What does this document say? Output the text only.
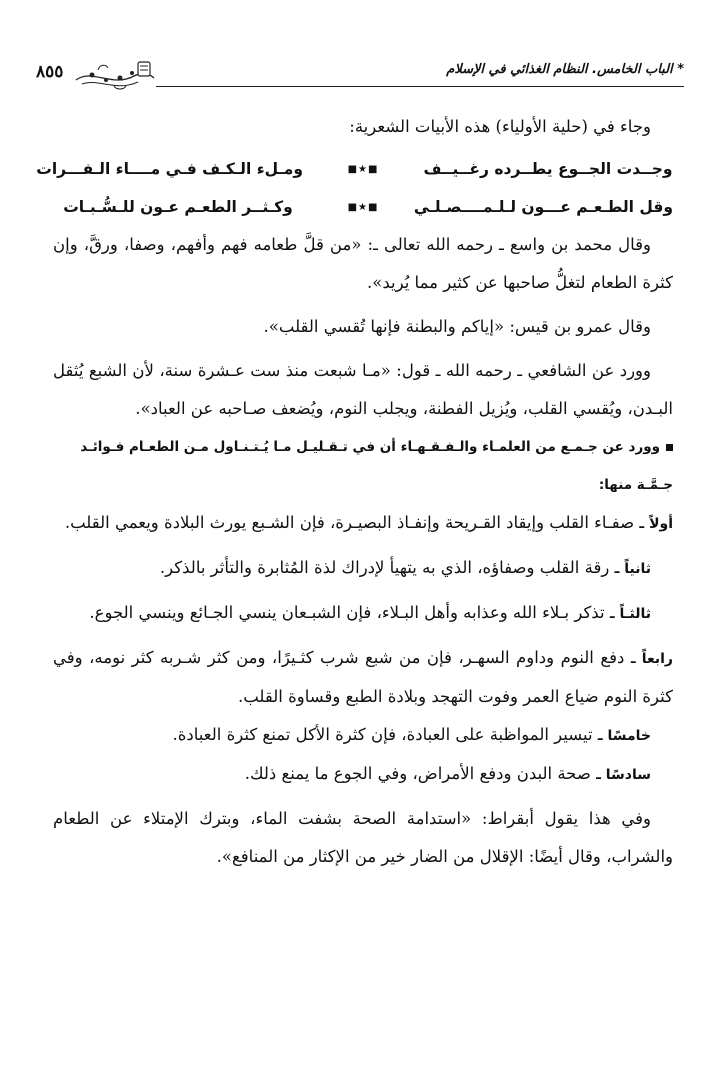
* الباب الخامس. النظام الغذائي في الإسلام
٨٥٥

وجاء في (حلية الأولياء) هذه الأبيات الشعرية:

وجــدت الجــوع يطــرده رغــيــف
■★■
ومـلء الـكـف فـي مــــاء الـفـــرات
وقل الطـعـم عـــون لـلـمــــصـلـي
■★■
وكـثــر الطعـم عـون للـسُّـبـات

وقال محمد بن واسع ـ رحمه الله تعالى ـ: «من قلَّ طعامه فهم وأفهم، وصفا، ورقَّ، وإن كثرة الطعام لتغلُّ صاحبها عن كثير مما يُريد».

وقال عمرو بن قيس: «إياكم والبطنة فإنها تُقسي القلب».

وورد عن الشافعي ـ رحمه الله ـ قول: «مـا شبعت منذ ست عـشرة سنة، لأن الشبع يُثقل البـدن، ويُقسي القلب، ويُزيل الفطنة، ويجلب النوم، ويُضعف صـاحبه عن العباد».

وورد عن جـمـع من العلمـاء والـفـقـهـاء أن في تـقـليـل مـا يُـتـنـاول مـن الطعـام فـوائـد جـمَّـة منها:

أولاً ـ صفـاء القلب وإيقاد القـريحة وإنفـاذ البصيـرة، فإن الشـبع يورث البلادة ويعمي القلب.

ثانياً ـ رقة القلب وصفاؤه، الذي به يتهيأ لإدراك لذة المُثابرة والتأثر بالذكر.

ثالثـاً ـ تذكر بـلاء الله وعذابه وأهل البـلاء، فإن الشبـعان ينسي الجـائع وينسي الجوع.

رابعاً ـ دفع النوم وداوم السهـر، فإن من شبع شرب كثـيرًا، ومن كثر شـربه كثر نومه، وفي كثرة النوم ضياع العمر وفوت التهجد وبلادة الطبع وقساوة القلب.

خامسًا ـ تيسير المواظبة على العبادة، فإن كثرة الأكل تمنع كثرة العبادة.

سادسًا ـ صحة البدن ودفع الأمراض، وفي الجوع ما يمنع ذلك.

وفي هذا يقول أبقراط: «استدامة الصحة بشفت الماء، وبترك الإمتلاء عن الطعام والشراب، وقال أيضًا: الإقلال من الضار خير من الإكثار من المنافع».
